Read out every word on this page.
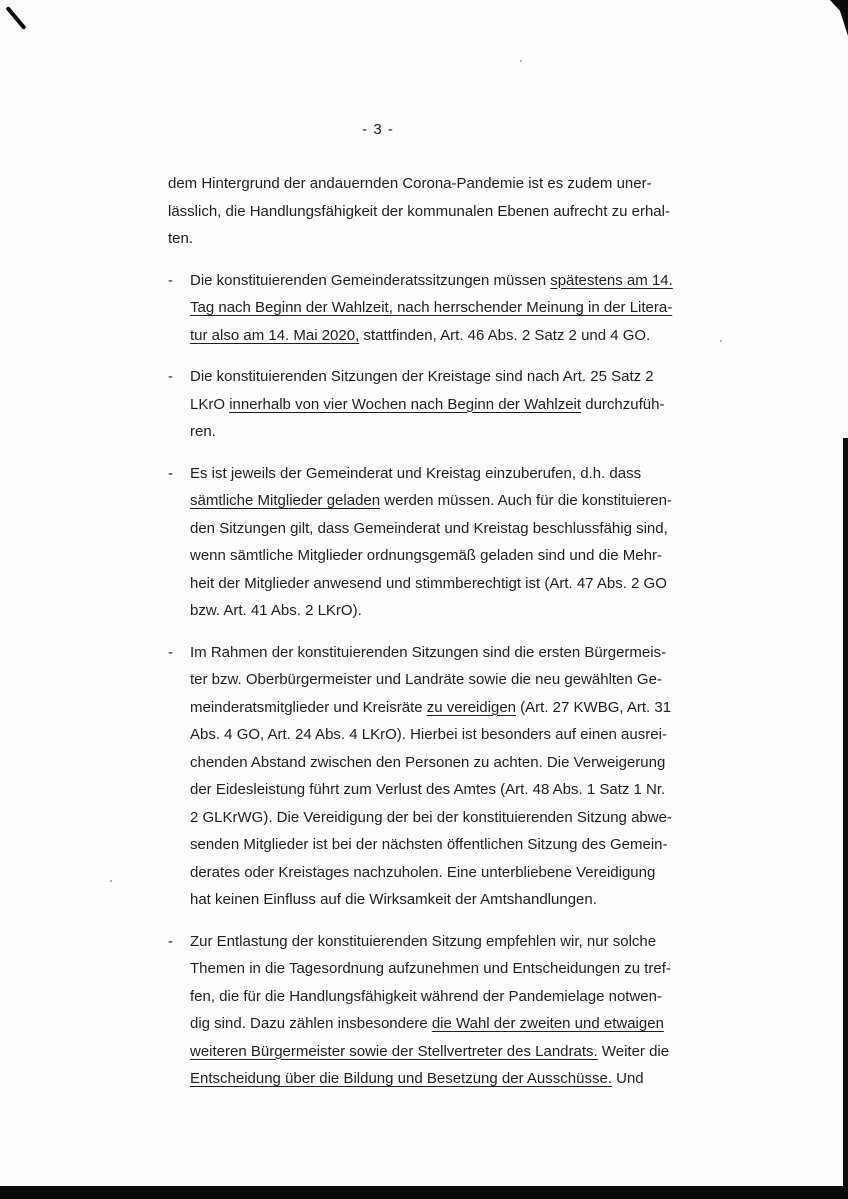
- 3 -
dem Hintergrund der andauernden Corona-Pandemie ist es zudem uner-
lässlich, die Handlungsfähigkeit der kommunalen Ebenen aufrecht zu erhal-
ten.
- Die konstituierenden Gemeinderatssitzungen müssen spätestens am 14.
Tag nach Beginn der Wahlzeit, nach herrschender Meinung in der Litera-
tur also am 14. Mai 2020, stattfinden, Art. 46 Abs. 2 Satz 2 und 4 GO.
- Die konstituierenden Sitzungen der Kreistage sind nach Art. 25 Satz 2
LKrO innerhalb von vier Wochen nach Beginn der Wahlzeit durchzufüh-
ren.
- Es ist jeweils der Gemeinderat und Kreistag einzuberufen, d.h. dass
sämtliche Mitglieder geladen werden müssen. Auch für die konstituieren-
den Sitzungen gilt, dass Gemeinderat und Kreistag beschlussfähig sind,
wenn sämtliche Mitglieder ordnungsgemäß geladen sind und die Mehr-
heit der Mitglieder anwesend und stimmberechtigt ist (Art. 47 Abs. 2 GO
bzw. Art. 41 Abs. 2 LKrO).
- Im Rahmen der konstituierenden Sitzungen sind die ersten Bürgermeis-
ter bzw. Oberbürgermeister und Landräte sowie die neu gewählten Ge-
meinderatsmitglieder und Kreisräte zu vereidigen (Art. 27 KWBG, Art. 31
Abs. 4 GO, Art. 24 Abs. 4 LKrO). Hierbei ist besonders auf einen ausrei-
chenden Abstand zwischen den Personen zu achten. Die Verweigerung
der Eidesleistung führt zum Verlust des Amtes (Art. 48 Abs. 1 Satz 1 Nr.
2 GLKrWG). Die Vereidigung der bei der konstituierenden Sitzung abwe-
senden Mitglieder ist bei der nächsten öffentlichen Sitzung des Gemein-
derates oder Kreistages nachzuholen. Eine unterbliebene Vereidigung
hat keinen Einfluss auf die Wirksamkeit der Amtshandlungen.
- Zur Entlastung der konstituierenden Sitzung empfehlen wir, nur solche
Themen in die Tagesordnung aufzunehmen und Entscheidungen zu tref-
fen, die für die Handlungsfähigkeit während der Pandemielage notwen-
dig sind. Dazu zählen insbesondere die Wahl der zweiten und etwaigen
weiteren Bürgermeister sowie der Stellvertreter des Landrats. Weiter die
Entscheidung über die Bildung und Besetzung der Ausschüsse. Und
